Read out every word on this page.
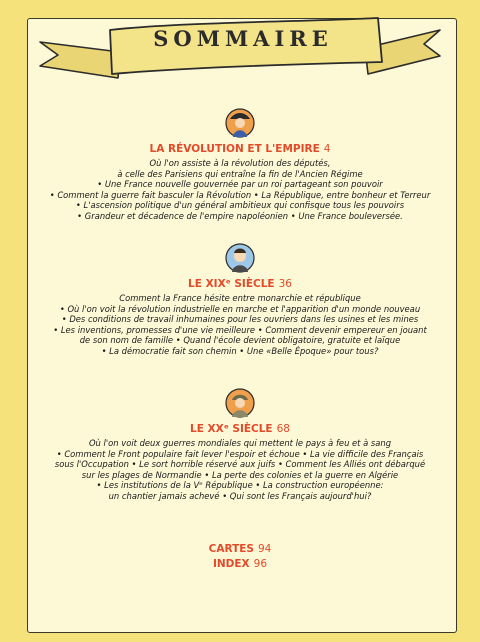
SOMMAIRE
LA RÉVOLUTION ET L'EMPIRE 4
Où l'on assiste à la révolution des députés,
à celle des Parisiens qui entraîne la fin de l'Ancien Régime
• Une France nouvelle gouvernée par un roi partageant son pouvoir
• Comment la guerre fait basculer la Révolution • La République, entre bonheur et Terreur
• L'ascension politique d'un général ambitieux qui confisque tous les pouvoirs
• Grandeur et décadence de l'empire napoléonien • Une France bouleversée.
LE XIXᵉ SIÈCLE 36
Comment la France hésite entre monarchie et république
• Où l'on voit la révolution industrielle en marche et l'apparition d'un monde nouveau
• Des conditions de travail inhumaines pour les ouvriers dans les usines et les mines
• Les inventions, promesses d'une vie meilleure • Comment devenir empereur en jouant
de son nom de famille • Quand l'école devient obligatoire, gratuite et laïque
• La démocratie fait son chemin • Une «Belle Époque» pour tous?
LE XXᵉ SIÈCLE 68
Où l'on voit deux guerres mondiales qui mettent le pays à feu et à sang
• Comment le Front populaire fait lever l'espoir et échoue • La vie difficile des Français
sous l'Occupation • Le sort horrible réservé aux juifs • Comment les Alliés ont débarqué
sur les plages de Normandie • La perte des colonies et la guerre en Algérie
• Les institutions de la Vᵉ République • La construction européenne:
un chantier jamais achevé • Qui sont les Français aujourd'hui?
CARTES 94
INDEX 96
